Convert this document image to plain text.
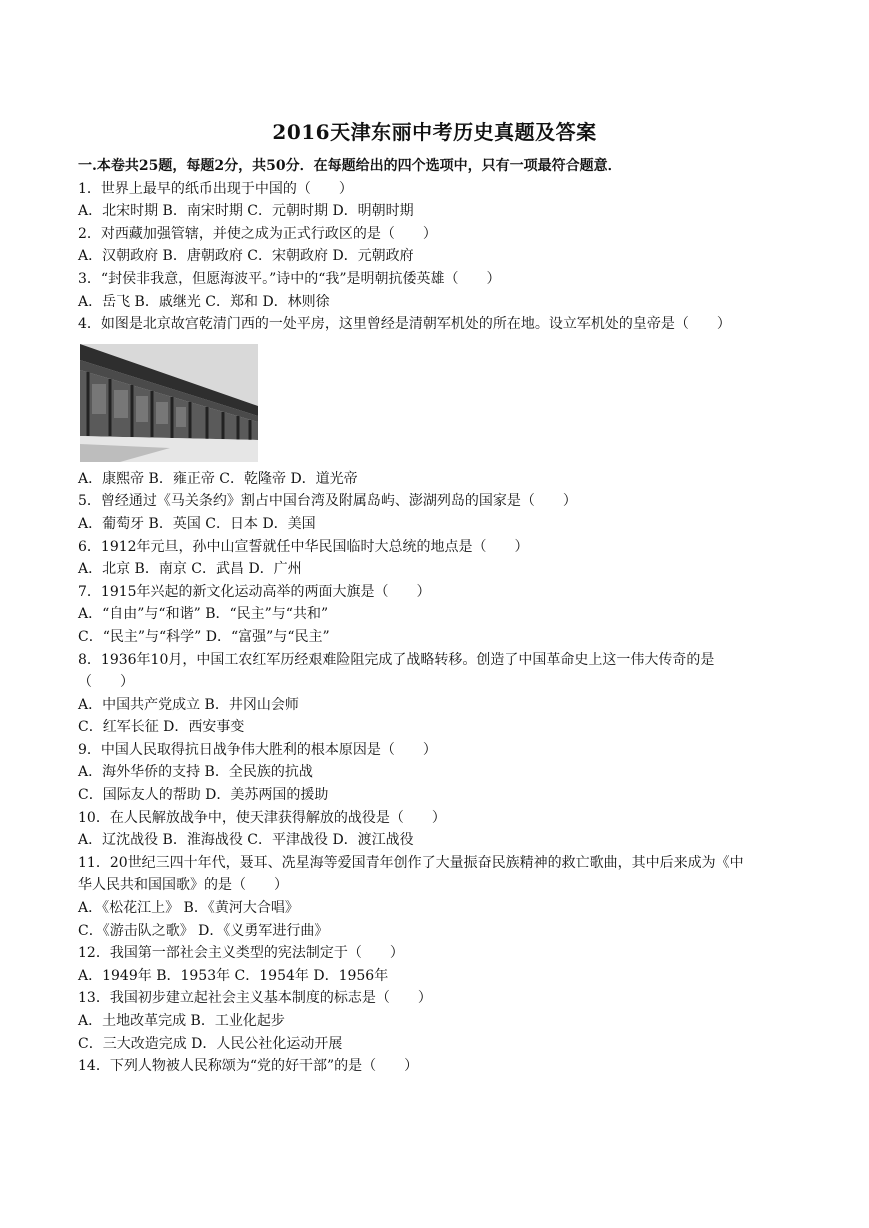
2016天津东丽中考历史真题及答案
一.本卷共25题，每题2分，共50分．在每题给出的四个选项中，只有一项最符合题意．
1．世界上最早的纸币出现于中国的（　　）
A．北宋时期 B．南宋时期 C．元朝时期 D．明朝时期
2．对西藏加强管辖，并使之成为正式行政区的是（　　）
A．汉朝政府 B．唐朝政府 C．宋朝政府 D．元朝政府
3．“封侯非我意，但愿海波平。”诗中的“我”是明朝抗倭英雄（　　）
A．岳飞 B．戚继光 C．郑和 D．林则徐
4．如图是北京故宫乾清门西的一处平房，这里曾经是清朝军机处的所在地。设立军机处的皇帝是（　　）
A．康熙帝 B．雍正帝 C．乾隆帝 D．道光帝
5．曾经通过《马关条约》割占中国台湾及附属岛屿、澎湖列岛的国家是（　　）
A．葡萄牙 B．英国 C．日本 D．美国
6．1912年元旦，孙中山宣誓就任中华民国临时大总统的地点是（　　）
A．北京 B．南京 C．武昌 D．广州
7．1915年兴起的新文化运动高举的两面大旗是（　　）
A．“自由”与“和谐” B．“民主”与“共和”
C．“民主”与“科学” D．“富强”与“民主”
8．1936年10月，中国工农红军历经艰难险阻完成了战略转移。创造了中国革命史上这一伟大传奇的是
（　　）
A．中国共产党成立 B．井冈山会师
C．红军长征 D．西安事变
9．中国人民取得抗日战争伟大胜利的根本原因是（　　）
A．海外华侨的支持 B．全民族的抗战
C．国际友人的帮助 D．美苏两国的援助
10．在人民解放战争中，使天津获得解放的战役是（　　）
A．辽沈战役 B．淮海战役 C．平津战役 D．渡江战役
11．20世纪三四十年代，聂耳、冼星海等爱国青年创作了大量振奋民族精神的救亡歌曲，其中后来成为《中
华人民共和国国歌》的是（　　）
A．《松花江上》 B．《黄河大合唱》
C．《游击队之歌》 D．《义勇军进行曲》
12．我国第一部社会主义类型的宪法制定于（　　）
A．1949年 B．1953年 C．1954年 D．1956年
13．我国初步建立起社会主义基本制度的标志是（　　）
A．土地改革完成 B．工业化起步
C．三大改造完成 D．人民公社化运动开展
14．下列人物被人民称颂为“党的好干部”的是（　　）
